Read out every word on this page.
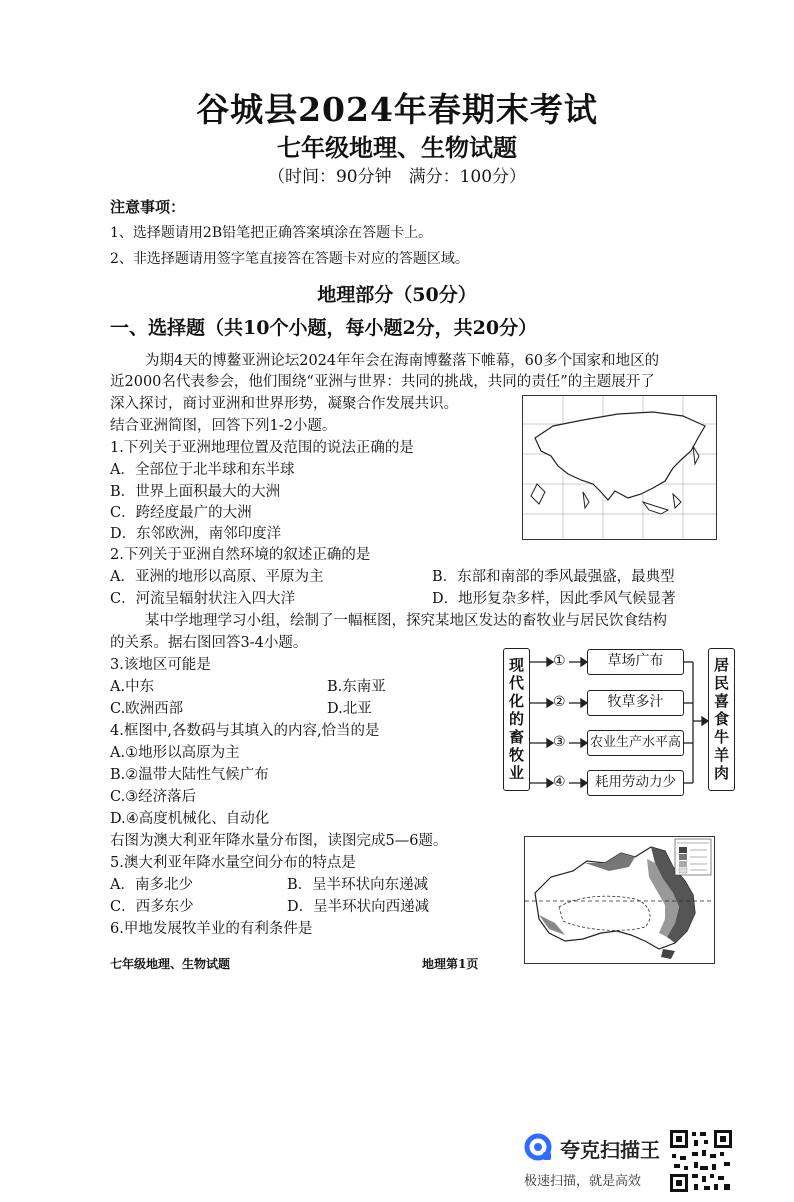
谷城县2024年春期末考试
七年级地理、生物试题
（时间：90分钟　满分：100分）
注意事项：
1、选择题请用2B铅笔把正确答案填涂在答题卡上。
2、非选择题请用签字笔直接答在答题卡对应的答题区域。
地理部分（50分）
一、选择题（共10个小题，每小题2分，共20分）
为期4天的博鳌亚洲论坛2024年年会在海南博鳌落下帷幕，60多个国家和地区的
近2000名代表参会，他们围绕“亚洲与世界：共同的挑战，共同的责任”的主题展开了
深入探讨，商讨亚洲和世界形势，凝聚合作发展共识。
结合亚洲简图，回答下列1-2小题。
1.下列关于亚洲地理位置及范围的说法正确的是
A．全部位于北半球和东半球
B．世界上面积最大的大洲
C．跨经度最广的大洲
D．东邻欧洲，南邻印度洋
2.下列关于亚洲自然环境的叙述正确的是
A．亚洲的地形以高原、平原为主	B．东部和南部的季风最强盛，最典型
C．河流呈辐射状注入四大洋	D．地形复杂多样，因此季风气候显著
某中学地理学习小组，绘制了一幅框图，探究某地区发达的畜牧业与居民饮食结构
的关系。据右图回答3-4小题。
3.该地区可能是
A.中东	B.东南亚
C.欧洲西部	D.北亚
4.框图中,各数码与其填入的内容,恰当的是
A.①地形以高原为主
B.②温带大陆性气候广布
C.③经济落后
D.④高度机械化、自动化
右图为澳大利亚年降水量分布图，读图完成5—6题。
5.澳大利亚年降水量空间分布的特点是
A．南多北少	B．呈半环状向东递减
C．西多东少	D．呈半环状向西递减
6.甲地发展牧羊业的有利条件是
现代化的畜牧业	居民喜食牛羊肉
①
②
③
④
草场广布
牧草多汁
农业生产水平高
耗用劳动力少
七年级地理、生物试题	地理第1页
夸克扫描王
极速扫描，就是高效
